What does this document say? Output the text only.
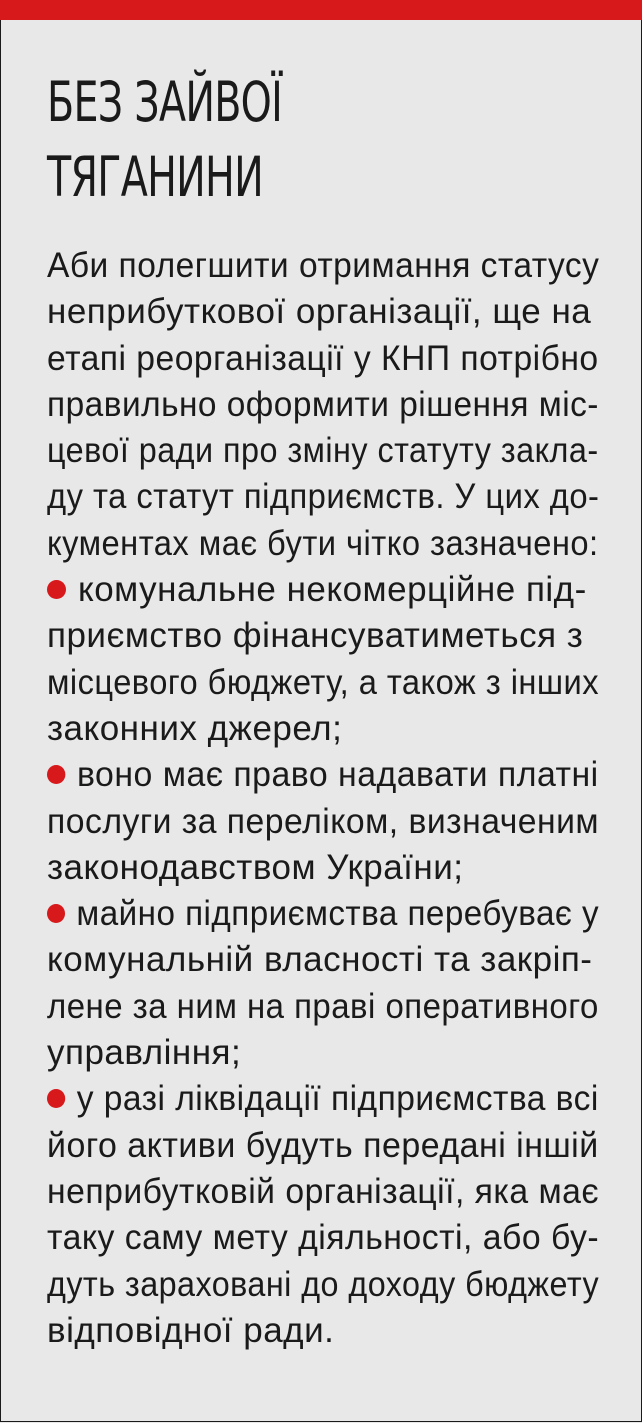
БЕЗ ЗАЙВОЇ
ТЯГАНИНИ
Аби полегшити отримання статусу
неприбуткової організації, ще на
етапі реорганізації у КНП потрібно
правильно оформити рішення міс-
цевої ради про зміну статуту закла-
ду та статут підприємств. У цих до-
кументах має бути чітко зазначено:
комунальне некомерційне під-
приємство фінансуватиметься з
місцевого бюджету, а також з інших
законних джерел;
воно має право надавати платні
послуги за переліком, визначеним
законодавством України;
майно підприємства перебуває у
комунальній власності та закріп-
лене за ним на праві оперативного
управління;
у разі ліквідації підприємства всі
його активи будуть передані іншій
неприбутковій організації, яка має
таку саму мету діяльності, або бу-
дуть зараховані до доходу бюджету
відповідної ради.
